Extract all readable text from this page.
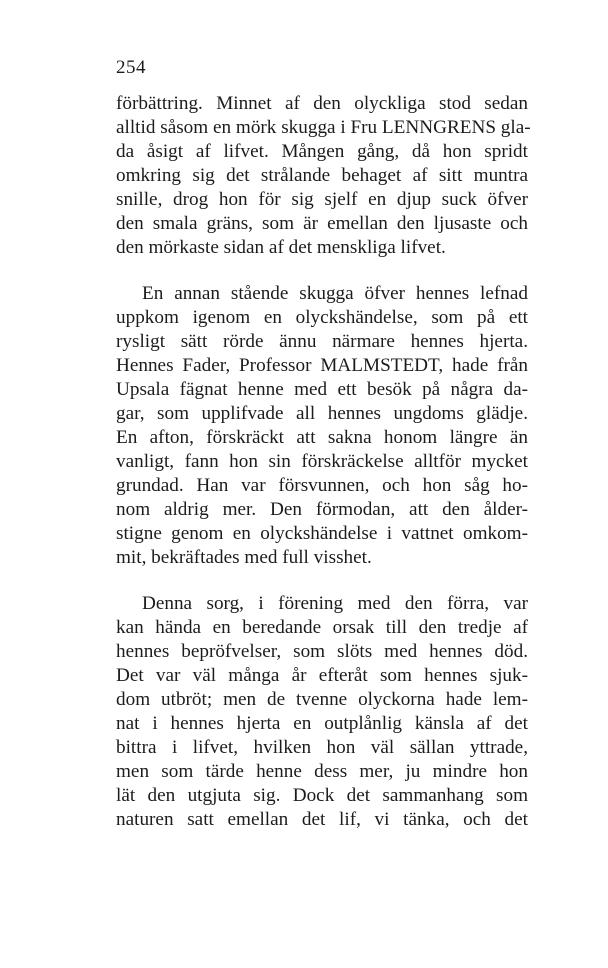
254
förbättring. Minnet af den olyckliga stod sedan
alltid såsom en mörk skugga i Fru LENNGRENS gla-
da åsigt af lifvet. Mången gång, då hon spridt
omkring sig det strålande behaget af sitt muntra
snille, drog hon för sig sjelf en djup suck öfver
den smala gräns, som är emellan den ljusaste och
den mörkaste sidan af det menskliga lifvet.
En annan stående skugga öfver hennes lefnad
uppkom igenom en olyckshändelse, som på ett
rysligt sätt rörde ännu närmare hennes hjerta.
Hennes Fader, Professor MALMSTEDT, hade från
Upsala fägnat henne med ett besök på några da-
gar, som upplifvade all hennes ungdoms glädje.
En afton, förskräckt att sakna honom längre än
vanligt, fann hon sin förskräckelse alltför mycket
grundad. Han var försvunnen, och hon såg ho-
nom aldrig mer. Den förmodan, att den ålder-
stigne genom en olyckshändelse i vattnet omkom-
mit, bekräftades med full visshet.
Denna sorg, i förening med den förra, var
kan hända en beredande orsak till den tredje af
hennes bepröfvelser, som slöts med hennes död.
Det var väl många år efteråt som hennes sjuk-
dom utbröt; men de tvenne olyckorna hade lem-
nat i hennes hjerta en outplånlig känsla af det
bittra i lifvet, hvilken hon väl sällan yttrade,
men som tärde henne dess mer, ju mindre hon
lät den utgjuta sig. Dock det sammanhang som
naturen satt emellan det lif, vi tänka, och det
